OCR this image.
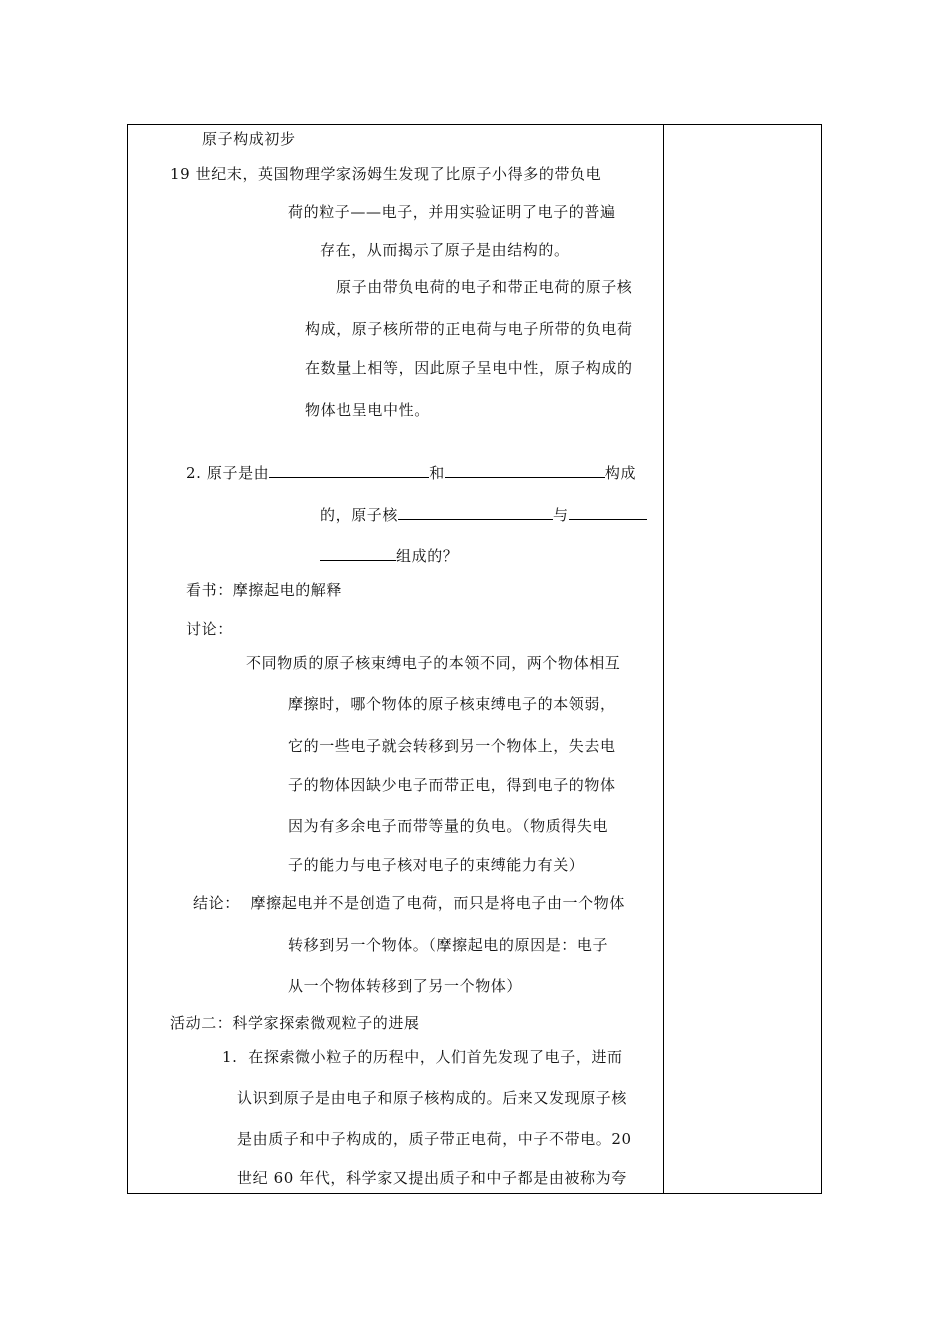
原子构成初步
19 世纪末，英国物理学家汤姆生发现了比原子小得多的带负电
荷的粒子——电子，并用实验证明了电子的普遍
存在，从而揭示了原子是由结构的。
原子由带负电荷的电子和带正电荷的原子核
构成，原子核所带的正电荷与电子所带的负电荷
在数量上相等，因此原子呈电中性，原子构成的
物体也呈电中性。
2. 原子是由	和	构成
的，原子核	与
组成的？
看书：摩擦起电的解释
讨论：
不同物质的原子核束缚电子的本领不同，两个物体相互
摩擦时，哪个物体的原子核束缚电子的本领弱，
它的一些电子就会转移到另一个物体上，失去电
子的物体因缺少电子而带正电，得到电子的物体
因为有多余电子而带等量的负电。（物质得失电
子的能力与电子核对电子的束缚能力有关）
结论：  摩擦起电并不是创造了电荷，而只是将电子由一个物体
转移到另一个物体。（摩擦起电的原因是：电子
从一个物体转移到了另一个物体）
活动二：科学家探索微观粒子的进展
1.  在探索微小粒子的历程中，人们首先发现了电子，进而
认识到原子是由电子和原子核构成的。后来又发现原子核
是由质子和中子构成的，质子带正电荷，中子不带电。20
世纪 60 年代，科学家又提出质子和中子都是由被称为夸
